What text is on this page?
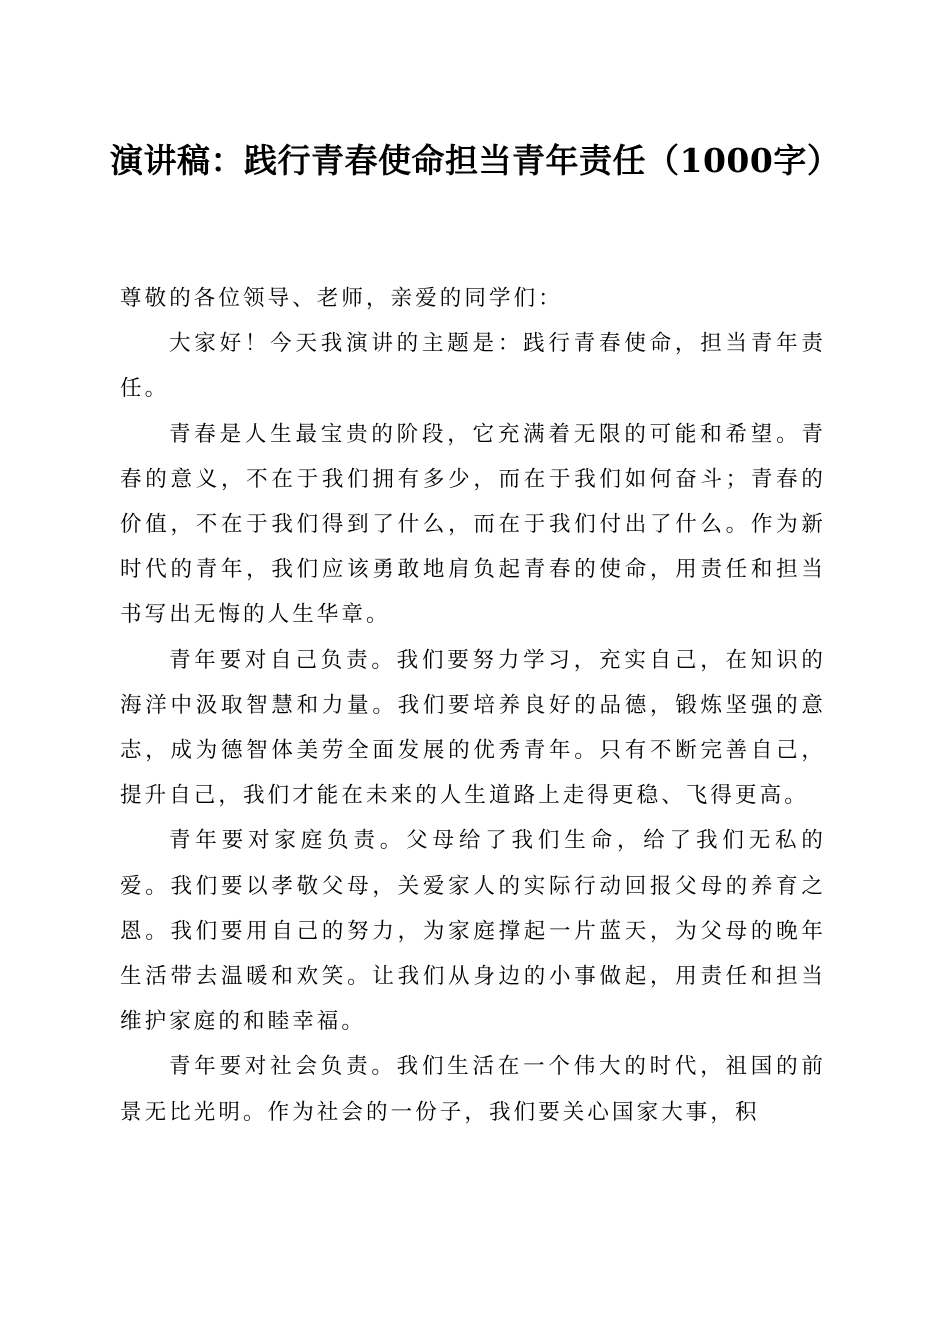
演讲稿：践行青春使命担当青年责任（1000字）

尊敬的各位领导、老师，亲爱的同学们：

大家好！今天我演讲的主题是：践行青春使命，担当青年责任。

青春是人生最宝贵的阶段，它充满着无限的可能和希望。青春的意义，不在于我们拥有多少，而在于我们如何奋斗；青春的价值，不在于我们得到了什么，而在于我们付出了什么。作为新时代的青年，我们应该勇敢地肩负起青春的使命，用责任和担当书写出无悔的人生华章。

青年要对自己负责。我们要努力学习，充实自己，在知识的海洋中汲取智慧和力量。我们要培养良好的品德，锻炼坚强的意志，成为德智体美劳全面发展的优秀青年。只有不断完善自己，提升自己，我们才能在未来的人生道路上走得更稳、飞得更高。

青年要对家庭负责。父母给了我们生命，给了我们无私的爱。我们要以孝敬父母，关爱家人的实际行动回报父母的养育之恩。我们要用自己的努力，为家庭撑起一片蓝天，为父母的晚年生活带去温暖和欢笑。让我们从身边的小事做起，用责任和担当维护家庭的和睦幸福。

青年要对社会负责。我们生活在一个伟大的时代，祖国的前景无比光明。作为社会的一份子，我们要关心国家大事，积
